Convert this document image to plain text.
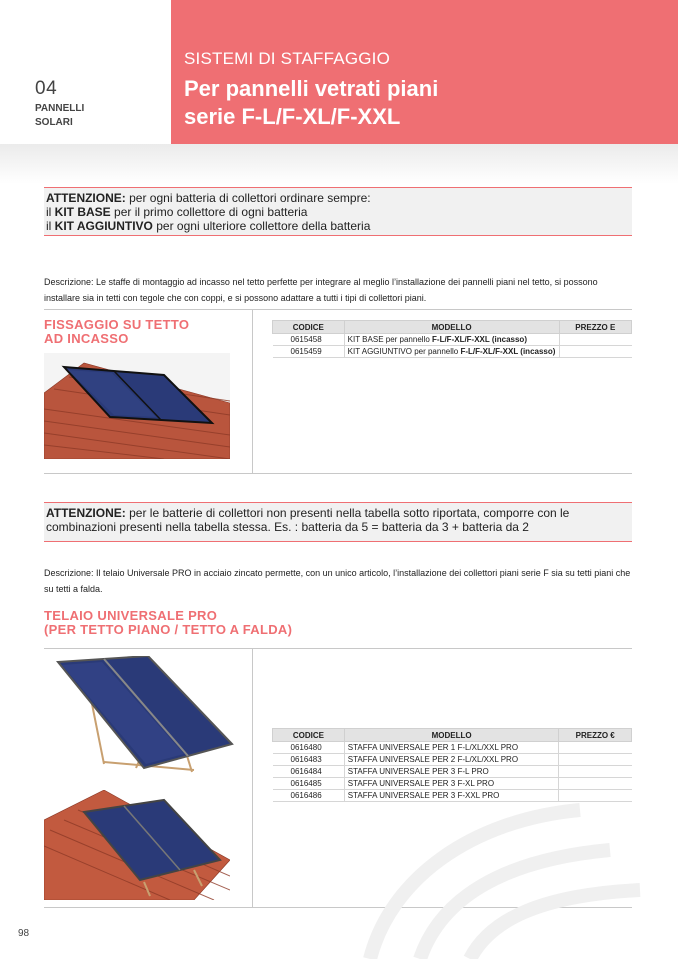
04
PANNELLI
SOLARI
SISTEMI DI STAFFAGGIO
Per pannelli vetrati piani
serie F-L/F-XL/F-XXL
ATTENZIONE: per ogni batteria di collettori ordinare sempre:
il KIT BASE per il primo collettore di ogni batteria
il KIT AGGIUNTIVO per ogni ulteriore collettore della batteria
Descrizione: Le staffe di montaggio ad incasso nel tetto perfette per integrare al meglio l’installazione dei pannelli piani nel tetto, si possono installare sia in tetti con tegole che con coppi, e si possono adattare a tutti i tipi di collettori piani.
FISSAGGIO SU TETTO
AD INCASSO
CODICE	MODELLO	PREZZO E
0615458	KIT BASE per pannello F-L/F-XL/F-XXL (incasso)	
0615459	KIT AGGIUNTIVO per pannello F-L/F-XL/F-XXL (incasso)	
ATTENZIONE: per le batterie di collettori non presenti nella tabella sotto riportata, comporre con le
combinazioni presenti nella tabella stessa. Es. : batteria da 5 = batteria da 3 + batteria da 2
Descrizione: Il telaio Universale PRO in acciaio zincato permette, con un unico articolo, l’installazione dei collettori piani serie F sia su tetti piani che su tetti a falda.
TELAIO UNIVERSALE PRO
(PER TETTO PIANO / TETTO A FALDA)
CODICE	MODELLO	PREZZO €
0616480	STAFFA UNIVERSALE PER 1 F-L/XL/XXL PRO	
0616483	STAFFA UNIVERSALE PER 2 F-L/XL/XXL PRO	
0616484	STAFFA UNIVERSALE PER 3 F-L PRO	
0616485	STAFFA UNIVERSALE PER 3 F-XL PRO	
0616486	STAFFA UNIVERSALE PER 3 F-XXL PRO	
98
